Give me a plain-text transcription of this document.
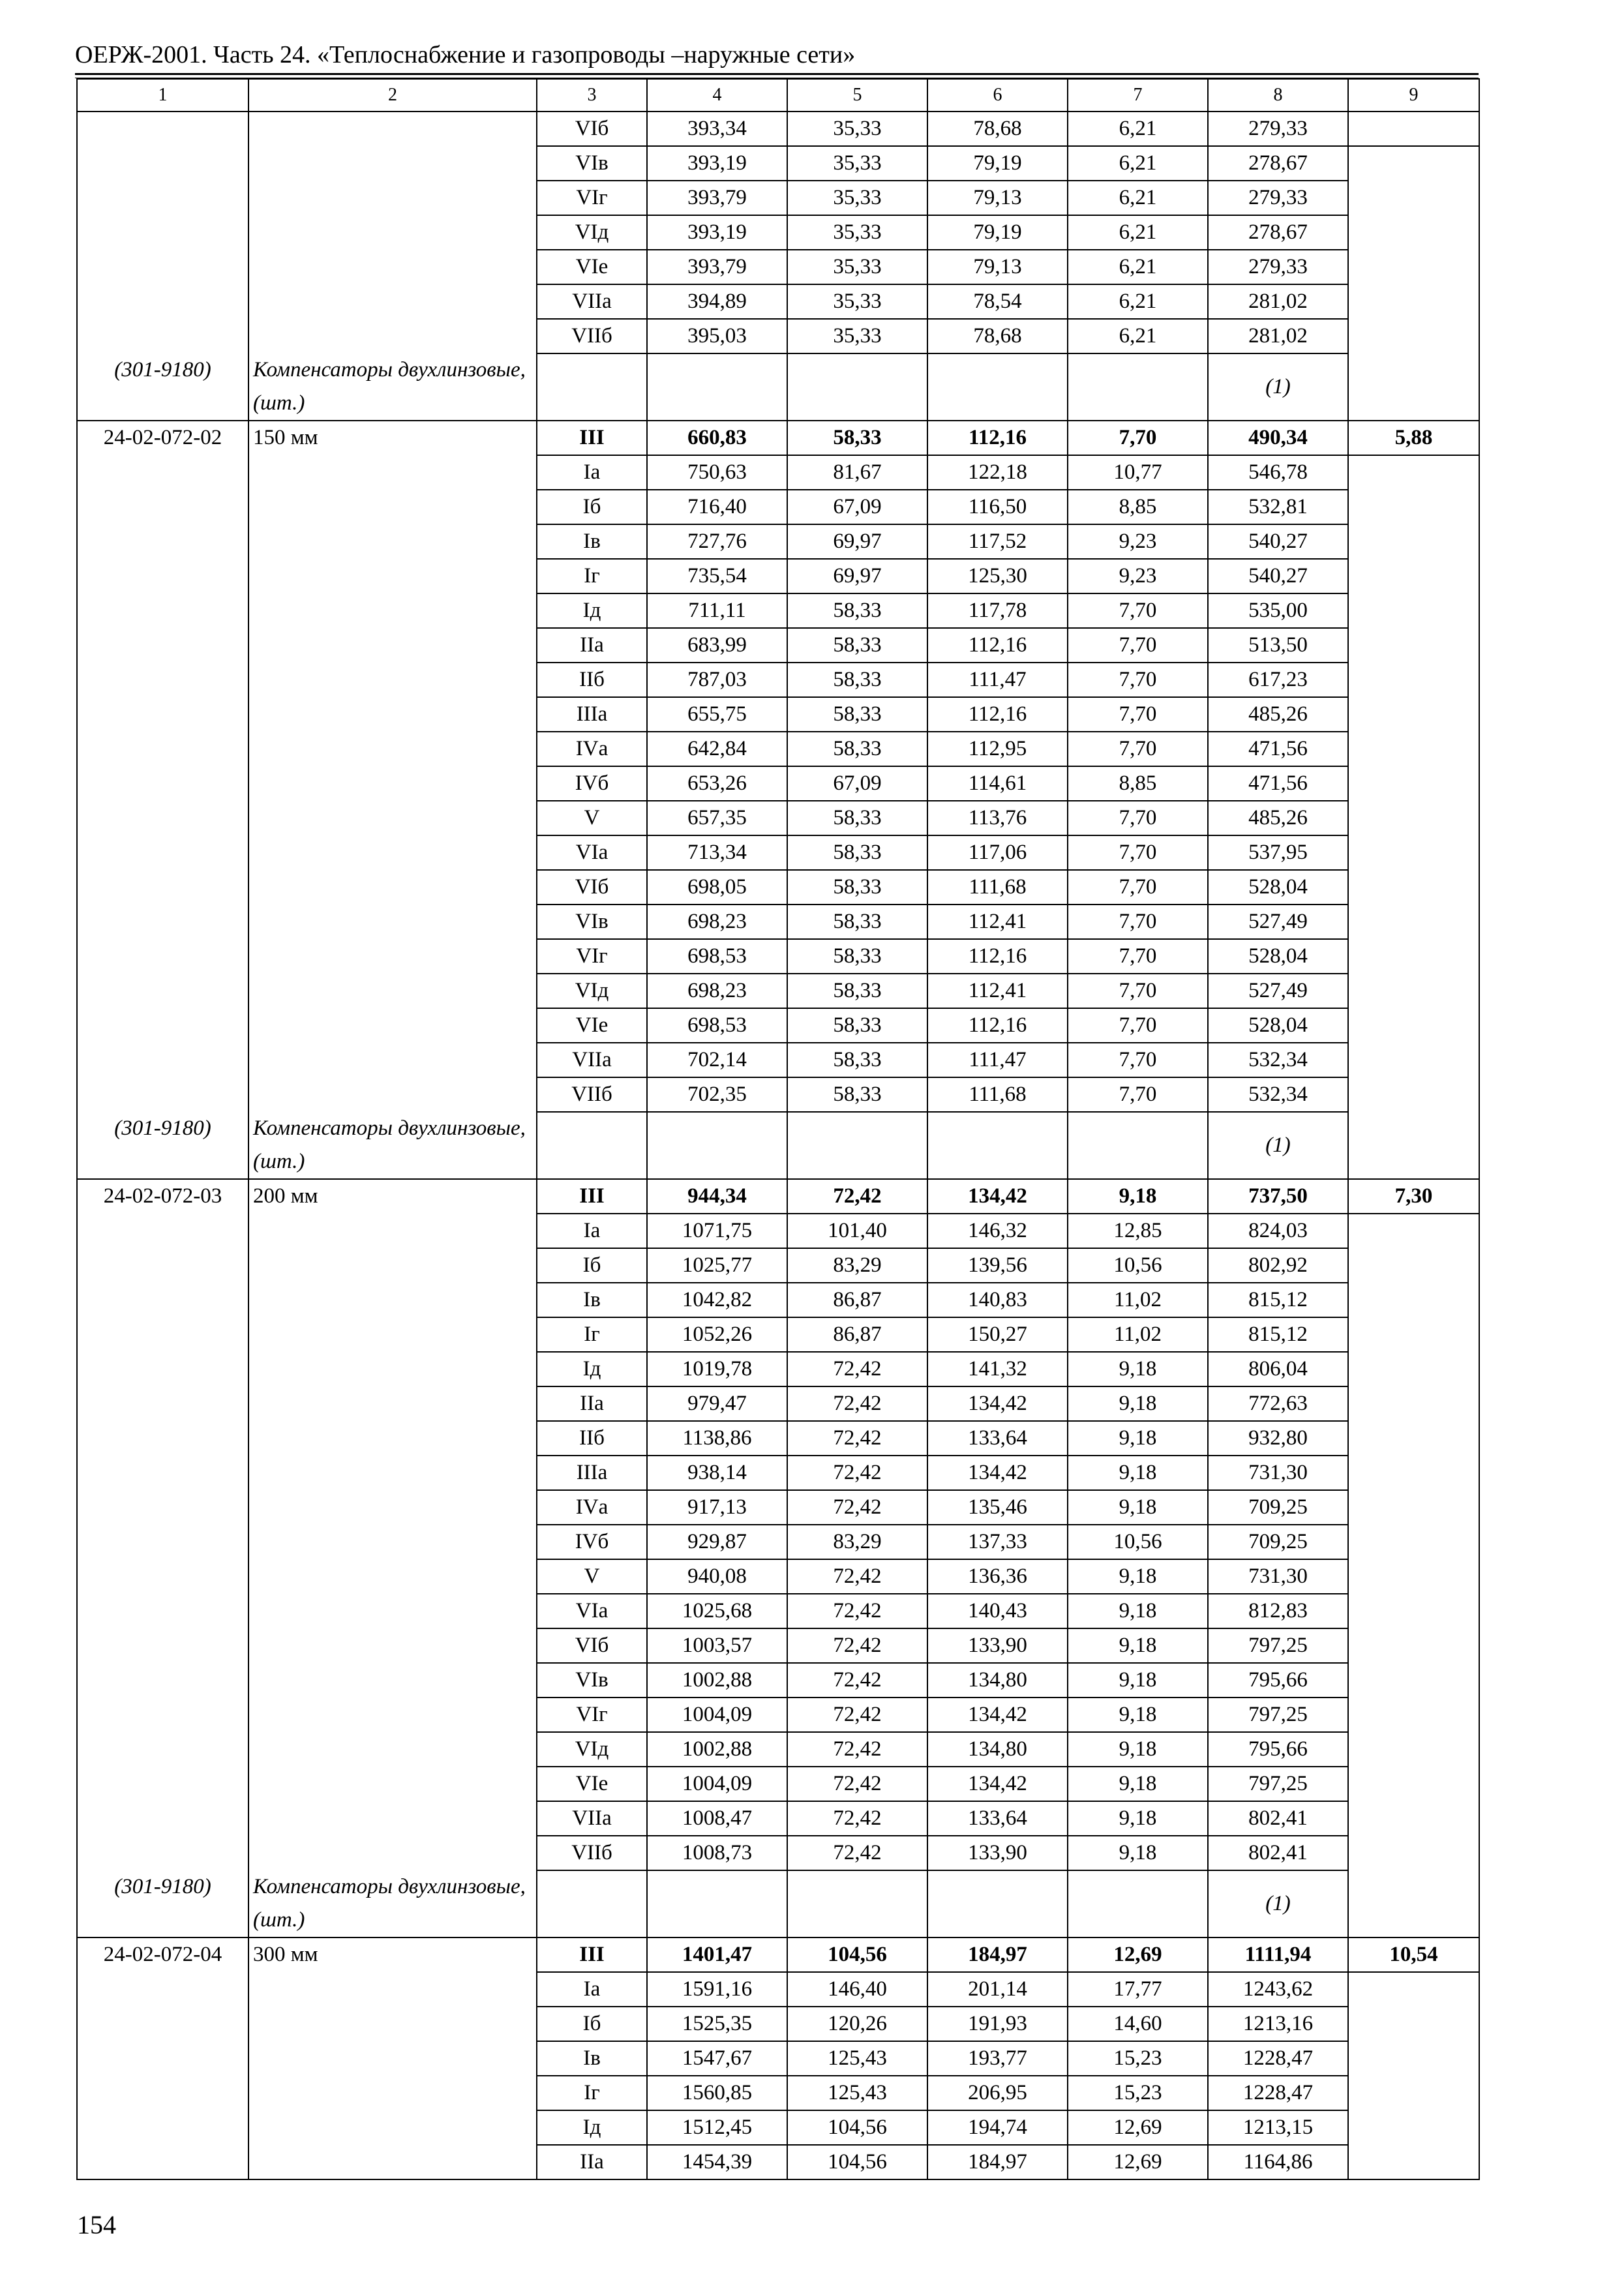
ОЕРЖ-2001. Часть 24. «Теплоснабжение и газопроводы –наружные сети»
1	2	3	4	5	6	7	8	9
		VIб	393,34	35,33	78,68	6,21	279,33	
		VIв	393,19	35,33	79,19	6,21	278,67	
		VIг	393,79	35,33	79,13	6,21	279,33	
		VIд	393,19	35,33	79,19	6,21	278,67	
		VIе	393,79	35,33	79,13	6,21	279,33	
		VIIа	394,89	35,33	78,54	6,21	281,02	
		VIIб	395,03	35,33	78,68	6,21	281,02	
(301-9180)	Компенсаторы двухлинзовые, (шт.)						(1)	
24-02-072-02	150 мм	III	660,83	58,33	112,16	7,70	490,34	5,88
		Iа	750,63	81,67	122,18	10,77	546,78	
		Iб	716,40	67,09	116,50	8,85	532,81	
		Iв	727,76	69,97	117,52	9,23	540,27	
		Iг	735,54	69,97	125,30	9,23	540,27	
		Iд	711,11	58,33	117,78	7,70	535,00	
		IIа	683,99	58,33	112,16	7,70	513,50	
		IIб	787,03	58,33	111,47	7,70	617,23	
		IIIа	655,75	58,33	112,16	7,70	485,26	
		IVа	642,84	58,33	112,95	7,70	471,56	
		IVб	653,26	67,09	114,61	8,85	471,56	
		V	657,35	58,33	113,76	7,70	485,26	
		VIа	713,34	58,33	117,06	7,70	537,95	
		VIб	698,05	58,33	111,68	7,70	528,04	
		VIв	698,23	58,33	112,41	7,70	527,49	
		VIг	698,53	58,33	112,16	7,70	528,04	
		VIд	698,23	58,33	112,41	7,70	527,49	
		VIе	698,53	58,33	112,16	7,70	528,04	
		VIIа	702,14	58,33	111,47	7,70	532,34	
		VIIб	702,35	58,33	111,68	7,70	532,34	
(301-9180)	Компенсаторы двухлинзовые, (шт.)						(1)	
24-02-072-03	200 мм	III	944,34	72,42	134,42	9,18	737,50	7,30
		Iа	1071,75	101,40	146,32	12,85	824,03	
		Iб	1025,77	83,29	139,56	10,56	802,92	
		Iв	1042,82	86,87	140,83	11,02	815,12	
		Iг	1052,26	86,87	150,27	11,02	815,12	
		Iд	1019,78	72,42	141,32	9,18	806,04	
		IIа	979,47	72,42	134,42	9,18	772,63	
		IIб	1138,86	72,42	133,64	9,18	932,80	
		IIIа	938,14	72,42	134,42	9,18	731,30	
		IVа	917,13	72,42	135,46	9,18	709,25	
		IVб	929,87	83,29	137,33	10,56	709,25	
		V	940,08	72,42	136,36	9,18	731,30	
		VIа	1025,68	72,42	140,43	9,18	812,83	
		VIб	1003,57	72,42	133,90	9,18	797,25	
		VIв	1002,88	72,42	134,80	9,18	795,66	
		VIг	1004,09	72,42	134,42	9,18	797,25	
		VIд	1002,88	72,42	134,80	9,18	795,66	
		VIе	1004,09	72,42	134,42	9,18	797,25	
		VIIа	1008,47	72,42	133,64	9,18	802,41	
		VIIб	1008,73	72,42	133,90	9,18	802,41	
(301-9180)	Компенсаторы двухлинзовые, (шт.)						(1)	
24-02-072-04	300 мм	III	1401,47	104,56	184,97	12,69	1111,94	10,54
		Iа	1591,16	146,40	201,14	17,77	1243,62	
		Iб	1525,35	120,26	191,93	14,60	1213,16	
		Iв	1547,67	125,43	193,77	15,23	1228,47	
		Iг	1560,85	125,43	206,95	15,23	1228,47	
		Iд	1512,45	104,56	194,74	12,69	1213,15	
		IIа	1454,39	104,56	184,97	12,69	1164,86	
154
